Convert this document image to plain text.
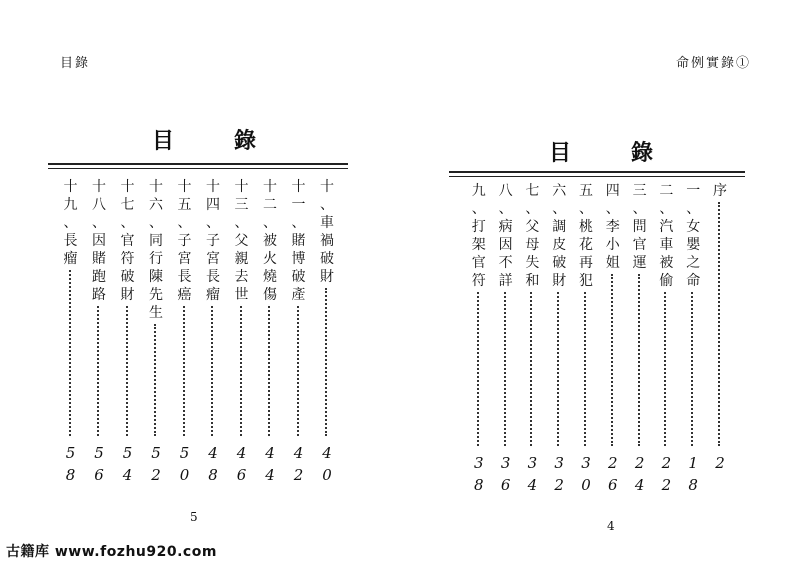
目錄
目錄
十
、
車
禍
破
財
4
0
十
一
、
賭
博
破
產
4
2
十
二
、
被
火
燒
傷
4
4
十
三
、
父
親
去
世
4
6
十
四
、
子
宮
長
瘤
4
8
十
五
、
子
宮
長
癌
5
0
十
六
、
同
行
陳
先
生
5
2
十
七
、
官
符
破
財
5
4
十
八
、
因
賭
跑
路
5
6
十
九
、
長
瘤
5
8
5
命例實錄①
目錄
序
2
一
、
女
嬰
之
命
1
8
二
、
汽
車
被
偷
2
2
三
、
問
官
運
2
4
四
、
李
小
姐
2
6
五
、
桃
花
再
犯
3
0
六
、
調
皮
破
財
3
2
七
、
父
母
失
和
3
4
八
、
病
因
不
詳
3
6
九
、
打
架
官
符
3
8
4
古籍库 www.fozhu920.com
